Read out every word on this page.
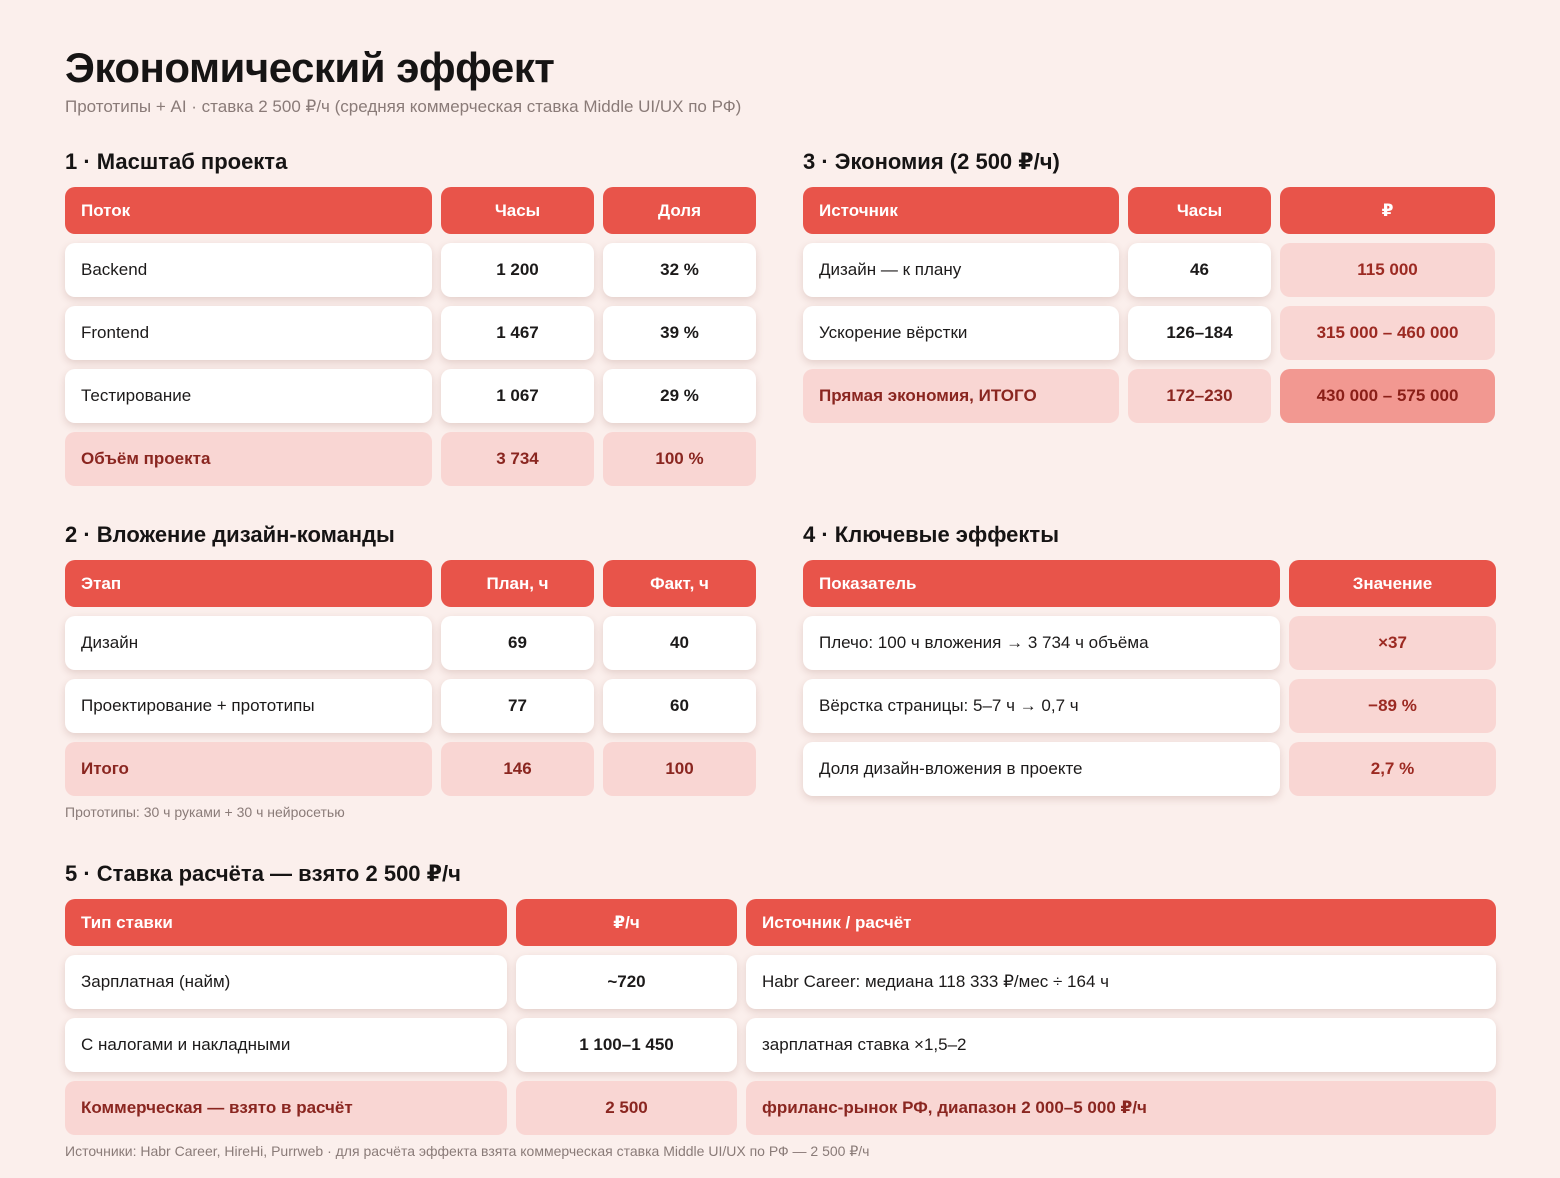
Экономический эффект
Прототипы + AI · ставка 2 500 ₽/ч (средняя коммерческая ставка Middle UI/UX по РФ)
1 · Масштаб проекта
Поток	Часы	Доля
Backend	1 200	32 %
Frontend	1 467	39 %
Тестирование	1 067	29 %
Объём проекта	3 734	100 %
3 · Экономия (2 500 ₽/ч)
Источник	Часы	₽
Дизайн — к плану	46	115 000
Ускорение вёрстки	126–184	315 000 – 460 000
Прямая экономия, ИТОГО	172–230	430 000 – 575 000
2 · Вложение дизайн-команды
Этап	План, ч	Факт, ч
Дизайн	69	40
Проектирование + прототипы	77	60
Итого	146	100
Прототипы: 30 ч руками + 30 ч нейросетью
4 · Ключевые эффекты
Показатель	Значение
Плечо: 100 ч вложения → 3 734 ч объёма	×37
Вёрстка страницы: 5–7 ч → 0,7 ч	−89 %
Доля дизайн-вложения в проекте	2,7 %
5 · Ставка расчёта — взято 2 500 ₽/ч
Тип ставки	₽/ч	Источник / расчёт
Зарплатная (найм)	~720	Habr Career: медиана 118 333 ₽/мес ÷ 164 ч
С налогами и накладными	1 100–1 450	зарплатная ставка ×1,5–2
Коммерческая — взято в расчёт	2 500	фриланс-рынок РФ, диапазон 2 000–5 000 ₽/ч
Источники: Habr Career, HireHi, Purrweb · для расчёта эффекта взята коммерческая ставка Middle UI/UX по РФ — 2 500 ₽/ч
